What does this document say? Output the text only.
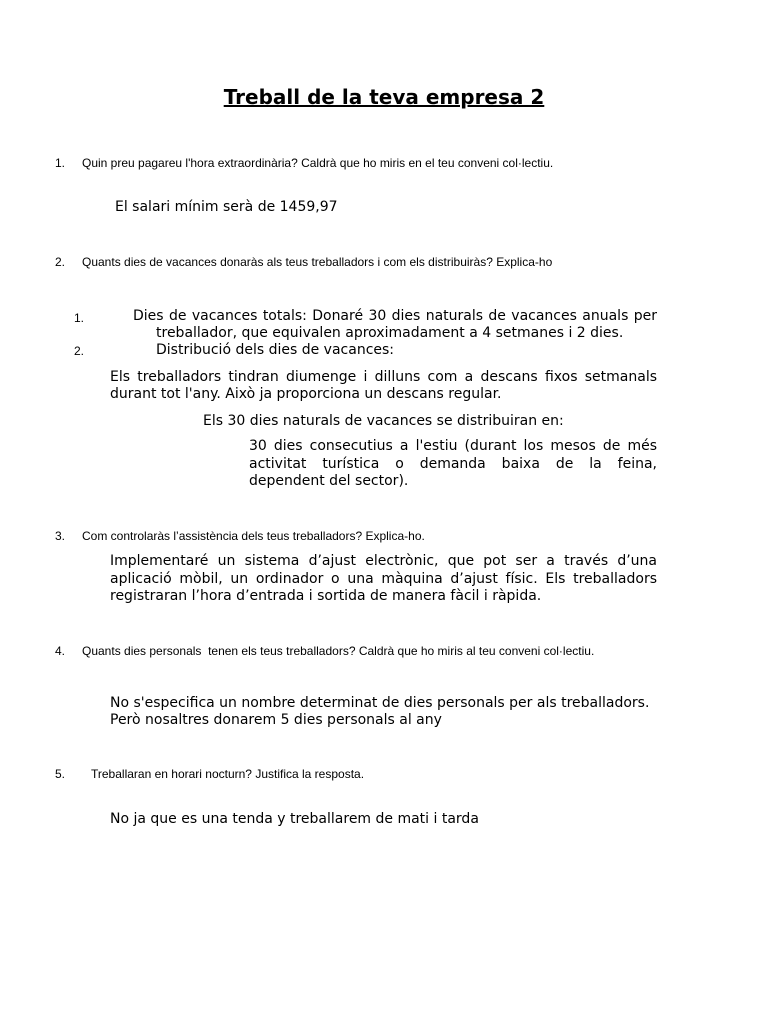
Treball de la teva empresa 2
1. Quin preu pagareu l'hora extraordinària? Caldrà que ho miris en el teu conveni col·lectiu.
El salari mínim serà de 1459,97
2. Quants dies de vacances donaràs als teus treballadors i com els distribuiràs? Explica-ho
1.	Dies de vacances totals: Donaré 30 dies naturals de vacances anuals per
treballador, que equivalen aproximadament a 4 setmanes i 2 dies.
2.	Distribució dels dies de vacances:
Els treballadors tindran diumenge i dilluns com a descans fixos setmanals
durant tot l'any. Això ja proporciona un descans regular.
Els 30 dies naturals de vacances se distribuiran en:
30 dies consecutius a l'estiu (durant los mesos de més
activitat turística o demanda baixa de la feina,
dependent del sector).
3. Com controlaràs l’assistència dels teus treballadors? Explica-ho.
Implementaré un sistema d’ajust electrònic, que pot ser a través d’una
aplicació mòbil, un ordinador o una màquina d’ajust físic. Els treballadors
registraran l’hora d’entrada i sortida de manera fàcil i ràpida.
4. Quants dies personals  tenen els teus treballadors? Caldrà que ho miris al teu conveni col·lectiu.
No s'especifica un nombre determinat de dies personals per als treballadors.
Però nosaltres donarem 5 dies personals al any
5. Treballaran en horari nocturn? Justifica la resposta.
No ja que es una tenda y treballarem de mati i tarda
